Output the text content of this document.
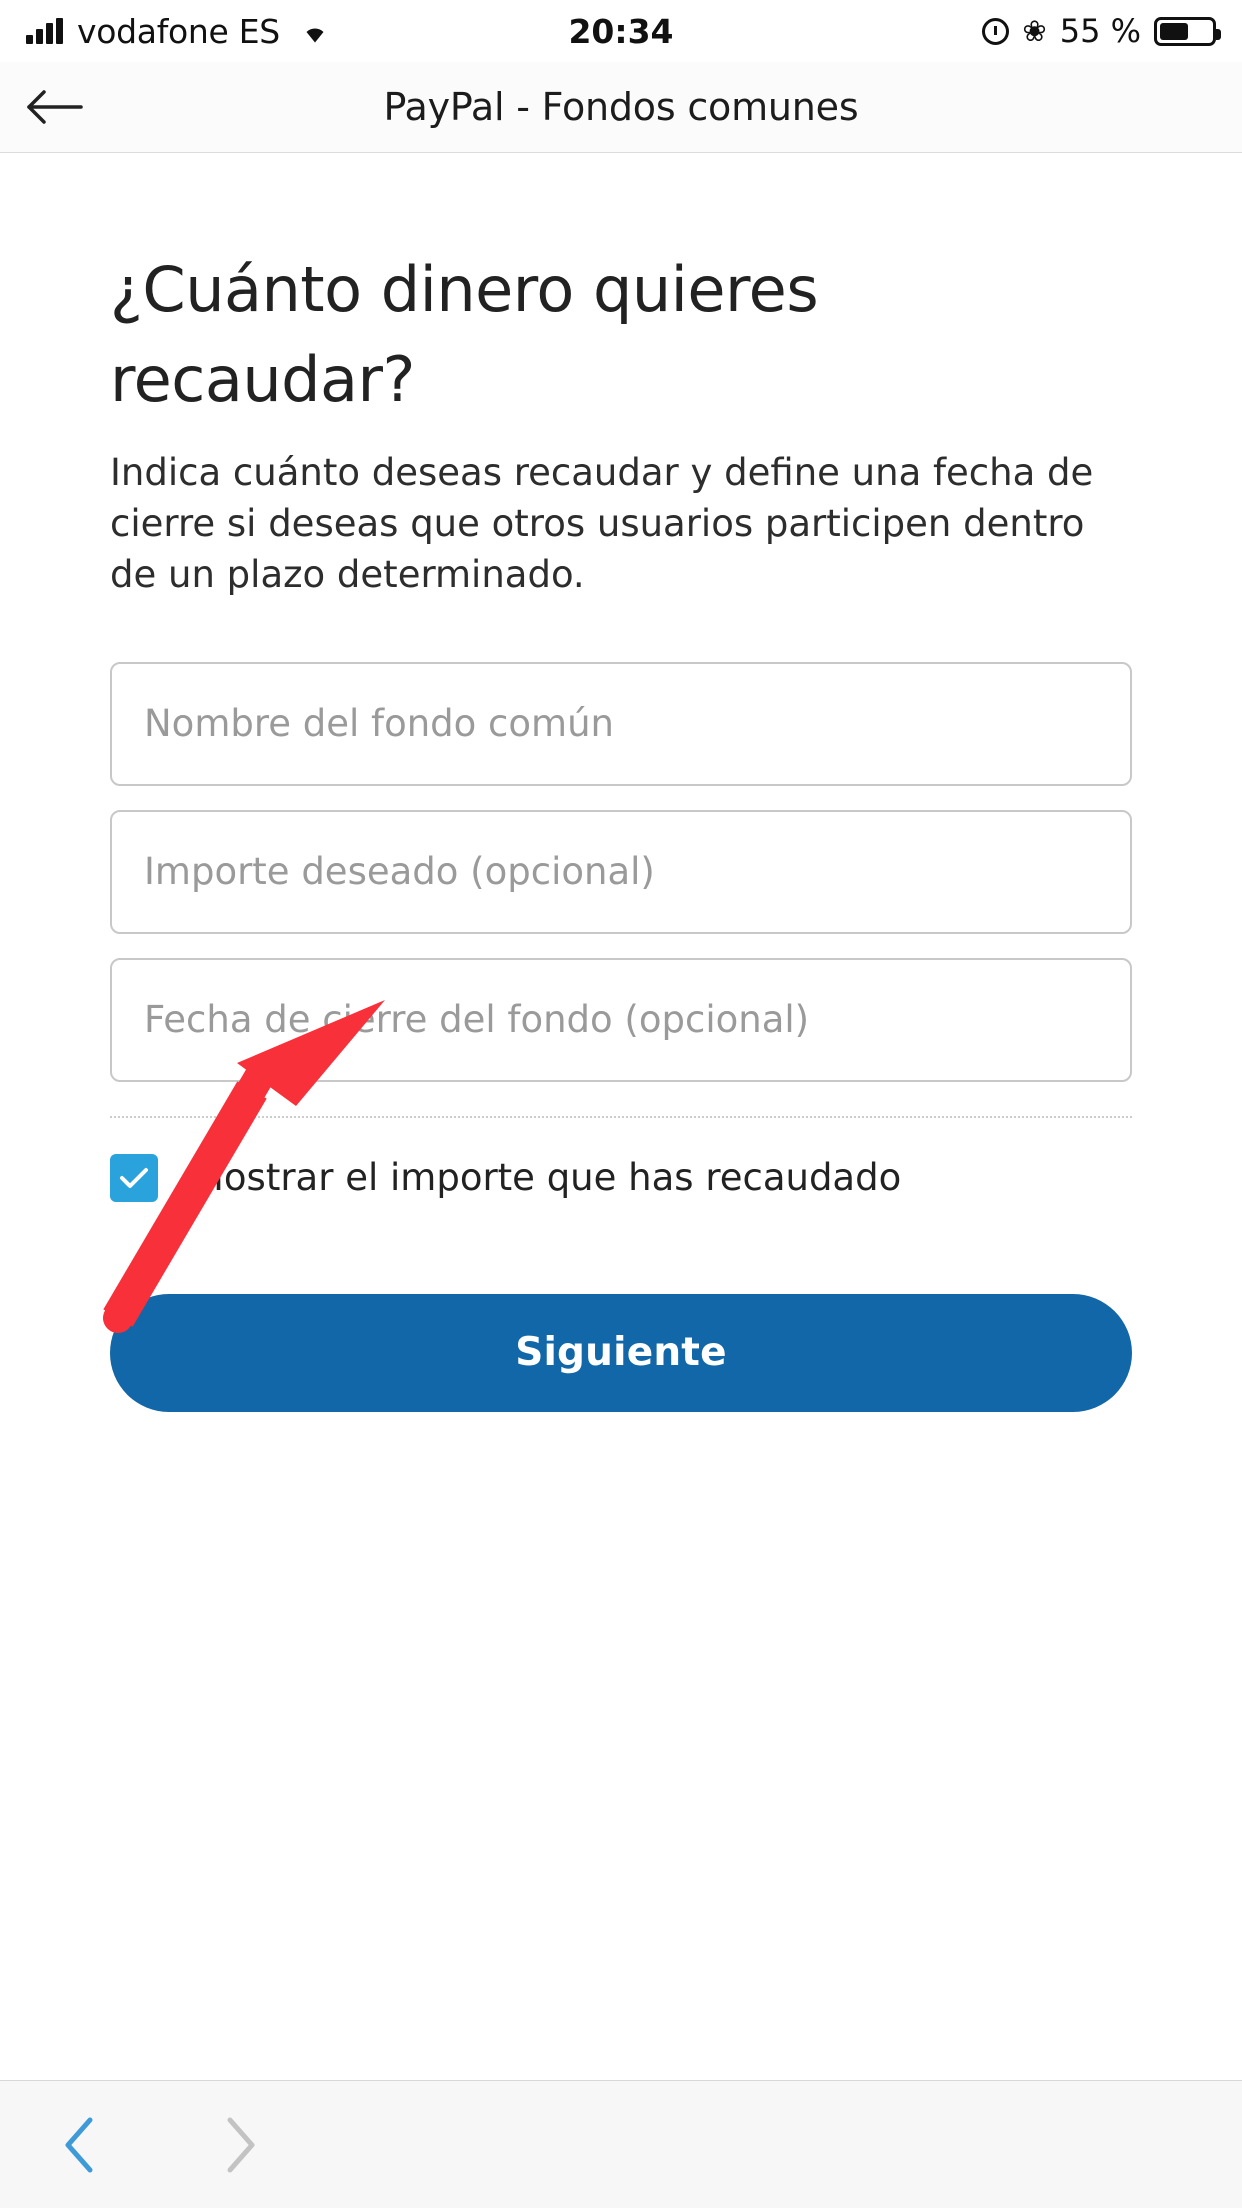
vodafone ES	20:34	❀ 55 %
PayPal - Fondos comunes
¿Cuánto dinero quieres recaudar?

Indica cuánto deseas recaudar y define una fecha de cierre si deseas que otros usuarios participen dentro de un plazo determinado.

Nombre del fondo común
Importe deseado (opcional)
Fecha de cierre del fondo (opcional)
Mostrar el importe que has recaudado
Siguiente
